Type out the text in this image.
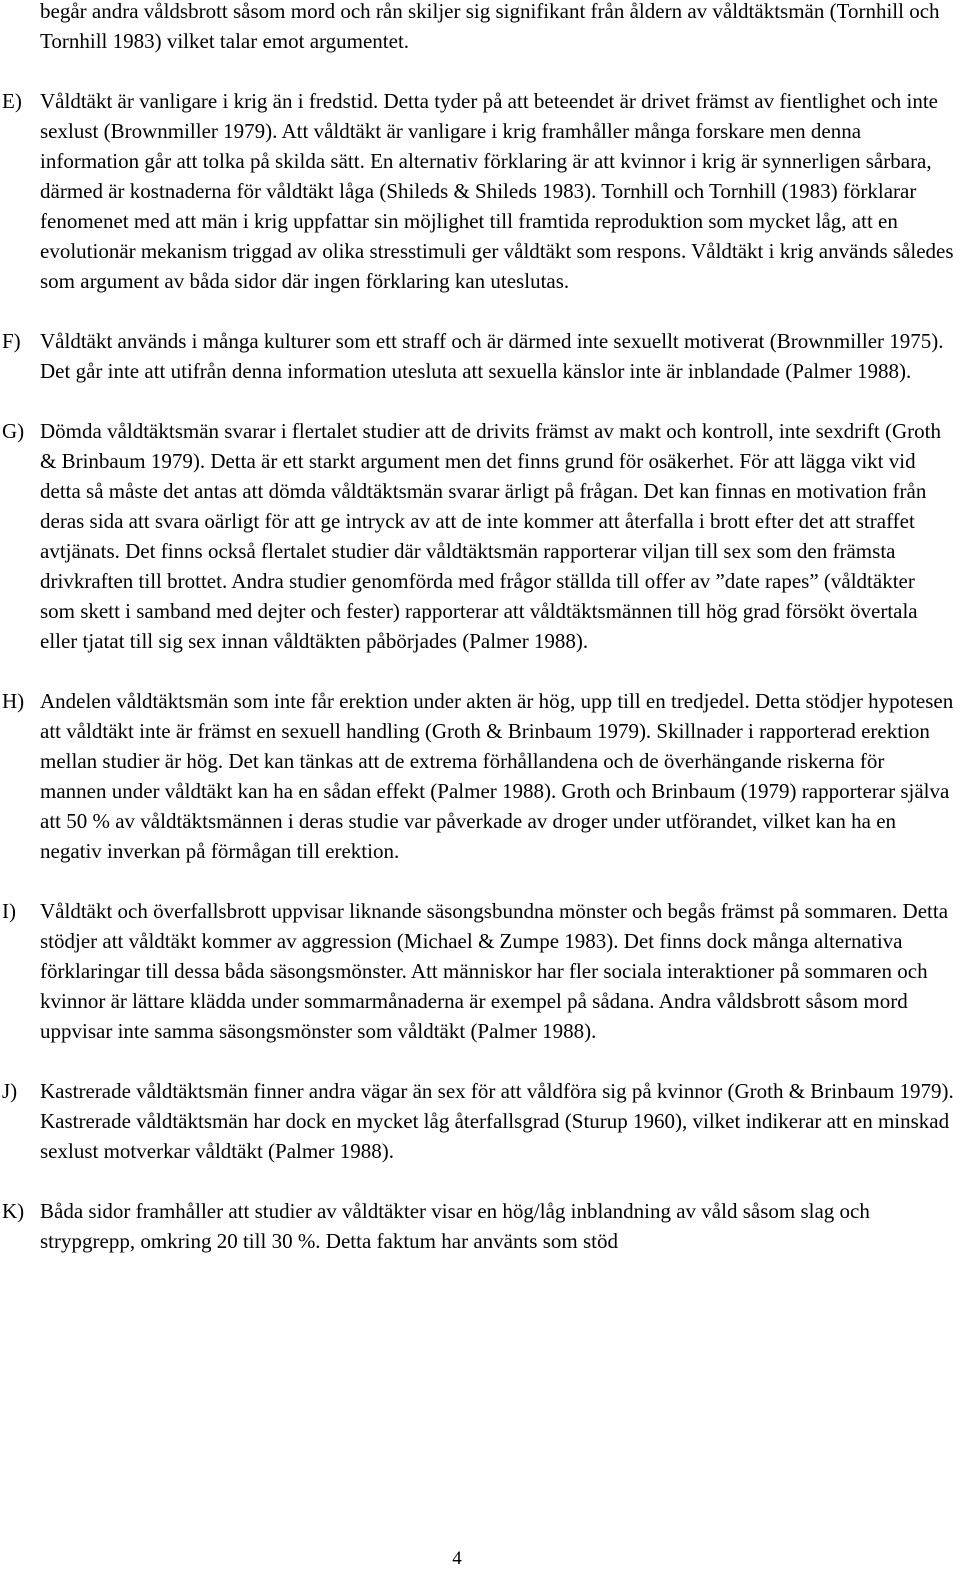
begår andra våldsbrott såsom mord och rån skiljer sig signifikant från åldern av våldtäktsmän (Tornhill och Tornhill 1983) vilket talar emot argumentet.
E) Våldtäkt är vanligare i krig än i fredstid. Detta tyder på att beteendet är drivet främst av fientlighet och inte sexlust (Brownmiller 1979). Att våldtäkt är vanligare i krig framhåller många forskare men denna information går att tolka på skilda sätt. En alternativ förklaring är att kvinnor i krig är synnerligen sårbara, därmed är kostnaderna för våldtäkt låga (Shileds & Shileds 1983). Tornhill och Tornhill (1983) förklarar fenomenet med att män i krig uppfattar sin möjlighet till framtida reproduktion som mycket låg, att en evolutionär mekanism triggad av olika stresstimuli ger våldtäkt som respons. Våldtäkt i krig används således som argument av båda sidor där ingen förklaring kan uteslutas.
F) Våldtäkt används i många kulturer som ett straff och är därmed inte sexuellt motiverat (Brownmiller 1975). Det går inte att utifrån denna information utesluta att sexuella känslor inte är inblandade (Palmer 1988).
G) Dömda våldtäktsmän svarar i flertalet studier att de drivits främst av makt och kontroll, inte sexdrift (Groth & Brinbaum 1979). Detta är ett starkt argument men det finns grund för osäkerhet. För att lägga vikt vid detta så måste det antas att dömda våldtäktsmän svarar ärligt på frågan. Det kan finnas en motivation från deras sida att svara oärligt för att ge intryck av att de inte kommer att återfalla i brott efter det att straffet avtjänats. Det finns också flertalet studier där våldtäktsmän rapporterar viljan till sex som den främsta drivkraften till brottet. Andra studier genomförda med frågor ställda till offer av ”date rapes” (våldtäkter som skett i samband med dejter och fester) rapporterar att våldtäktsmännen till hög grad försökt övertala eller tjatat till sig sex innan våldtäkten påbörjades (Palmer 1988).
H) Andelen våldtäktsmän som inte får erektion under akten är hög, upp till en tredjedel. Detta stödjer hypotesen att våldtäkt inte är främst en sexuell handling (Groth & Brinbaum 1979). Skillnader i rapporterad erektion mellan studier är hög. Det kan tänkas att de extrema förhållandena och de överhängande riskerna för mannen under våldtäkt kan ha en sådan effekt (Palmer 1988). Groth och Brinbaum (1979) rapporterar själva att 50 % av våldtäktsmännen i deras studie var påverkade av droger under utförandet, vilket kan ha en negativ inverkan på förmågan till erektion.
I) Våldtäkt och överfallsbrott uppvisar liknande säsongsbundna mönster och begås främst på sommaren. Detta stödjer att våldtäkt kommer av aggression (Michael & Zumpe 1983). Det finns dock många alternativa förklaringar till dessa båda säsongsmönster. Att människor har fler sociala interaktioner på sommaren och kvinnor är lättare klädda under sommarmånaderna är exempel på sådana. Andra våldsbrott såsom mord uppvisar inte samma säsongsmönster som våldtäkt (Palmer 1988).
J) Kastrerade våldtäktsmän finner andra vägar än sex för att våldföra sig på kvinnor (Groth & Brinbaum 1979). Kastrerade våldtäktsmän har dock en mycket låg återfallsgrad (Sturup 1960), vilket indikerar att en minskad sexlust motverkar våldtäkt (Palmer 1988).
K) Båda sidor framhåller att studier av våldtäkter visar en hög/låg inblandning av våld såsom slag och strypgrepp, omkring 20 till 30 %. Detta faktum har använts som stöd
4
